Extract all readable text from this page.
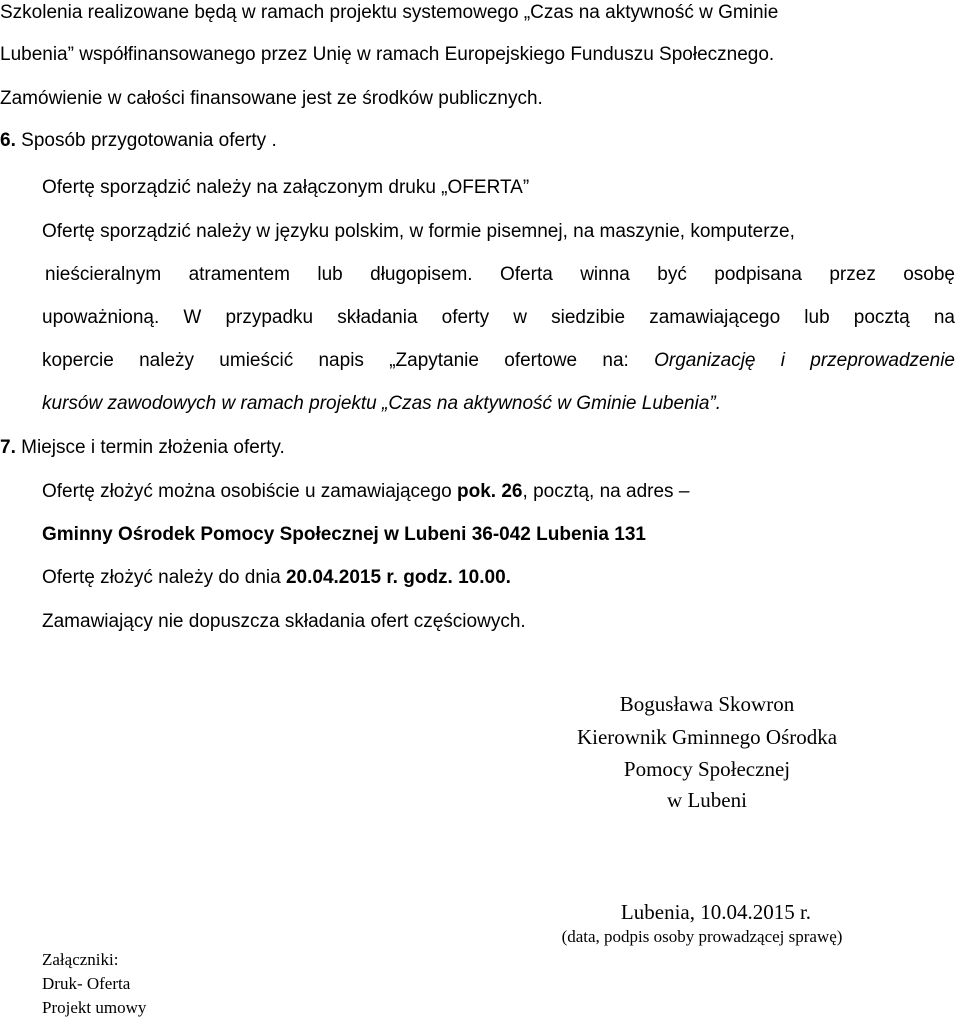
Szkolenia realizowane będą w ramach projektu systemowego „Czas na aktywność w Gminie
Lubenia” współfinansowanego przez Unię w ramach Europejskiego Funduszu Społecznego.
Zamówienie w całości finansowane jest ze środków publicznych.
6. Sposób przygotowania oferty .
Ofertę sporządzić należy na załączonym druku „OFERTA”
Ofertę sporządzić należy w języku polskim, w formie pisemnej, na maszynie, komputerze,
nieścieralnym atramentem lub długopisem. Oferta winna być podpisana przez osobę
upoważnioną. W przypadku składania oferty w siedzibie zamawiającego lub pocztą na
kopercie należy umieścić napis „Zapytanie ofertowe na: Organizację i przeprowadzenie
kursów zawodowych w ramach projektu „Czas na aktywność w Gminie Lubenia”.
7. Miejsce i termin złożenia oferty.
Ofertę złożyć można osobiście u zamawiającego pok. 26, pocztą, na adres –
Gminny Ośrodek Pomocy Społecznej w Lubeni 36-042 Lubenia 131
Ofertę złożyć należy do dnia 20.04.2015 r. godz. 10.00.
Zamawiający nie dopuszcza składania ofert częściowych.
Bogusława Skowron
Kierownik Gminnego Ośrodka
Pomocy Społecznej
w Lubeni
Lubenia, 10.04.2015 r.
(data, podpis osoby prowadzącej sprawę)
Załączniki:
Druk- Oferta
Projekt umowy
